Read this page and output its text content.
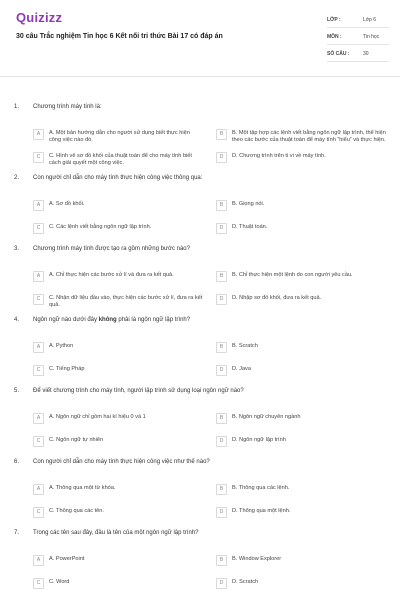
Quizizz
30 câu Trắc nghiệm Tin học 6 Kết nối tri thức Bài 17 có đáp án
LỚP :	Lớp 6
MÔN :	Tin học
SỐ CÂU :	30
1. Chương trình máy tính là:
A	A. Một bản hướng dẫn cho người sử dụng biết thực hiện công việc nào đó.
B	B. Một tập hợp các lệnh viết bằng ngôn ngữ lập trình, thể hiện theo các bước của thuật toán để máy tính “hiểu” và thực hiện.
C	C. Hình vẽ sơ đồ khối của thuật toán để cho máy tính biết cách giải quyết một công việc.
D	D. Chương trình trên ti vi về máy tính.
2. Con người chỉ dẫn cho máy tính thực hiện công việc thông qua:
A	A. Sơ đồ khối.	B	B. Giọng nói.
C	C. Các lệnh viết bằng ngôn ngữ lập trình.	D	D. Thuật toán.
3. Chương trình máy tính được tạo ra gồm những bước nào?
A	A. Chỉ thực hiện các bước xử lí và đưa ra kết quả.	B	B. Chỉ thực hiện một lệnh do con người yêu cầu.
C	C. Nhận dữ liệu đầu vào, thực hiện các bước xử lí, đưa ra kết quả.
D	D. Nhập sơ đồ khối, đưa ra kết quả.
4. Ngôn ngữ nào dưới đây không phải là ngôn ngữ lập trình?
A	A. Python	B	B. Scratch
C	C. Tiếng Pháp	D	D. Java
5. Để viết chương trình cho máy tính, người lập trình sử dụng loại ngôn ngữ nào?
A	A. Ngôn ngữ chỉ gồm hai kí hiệu 0 và 1	B	B. Ngôn ngữ chuyên ngành
C	C. Ngôn ngữ tự nhiên	D	D. Ngôn ngữ lập trình
6. Con người chỉ dẫn cho máy tính thực hiện công việc như thế nào?
A	A. Thông qua một từ khóa.	B	B. Thông qua các lệnh.
C	C. Thông qua các tên.	D	D. Thông qua một lệnh.
7. Trong các tên sau đây, đâu là tên của một ngôn ngữ lập trình?
A	A. PowerPoint	B	B. Window Explorer
C	C. Word	D	D. Scratch
